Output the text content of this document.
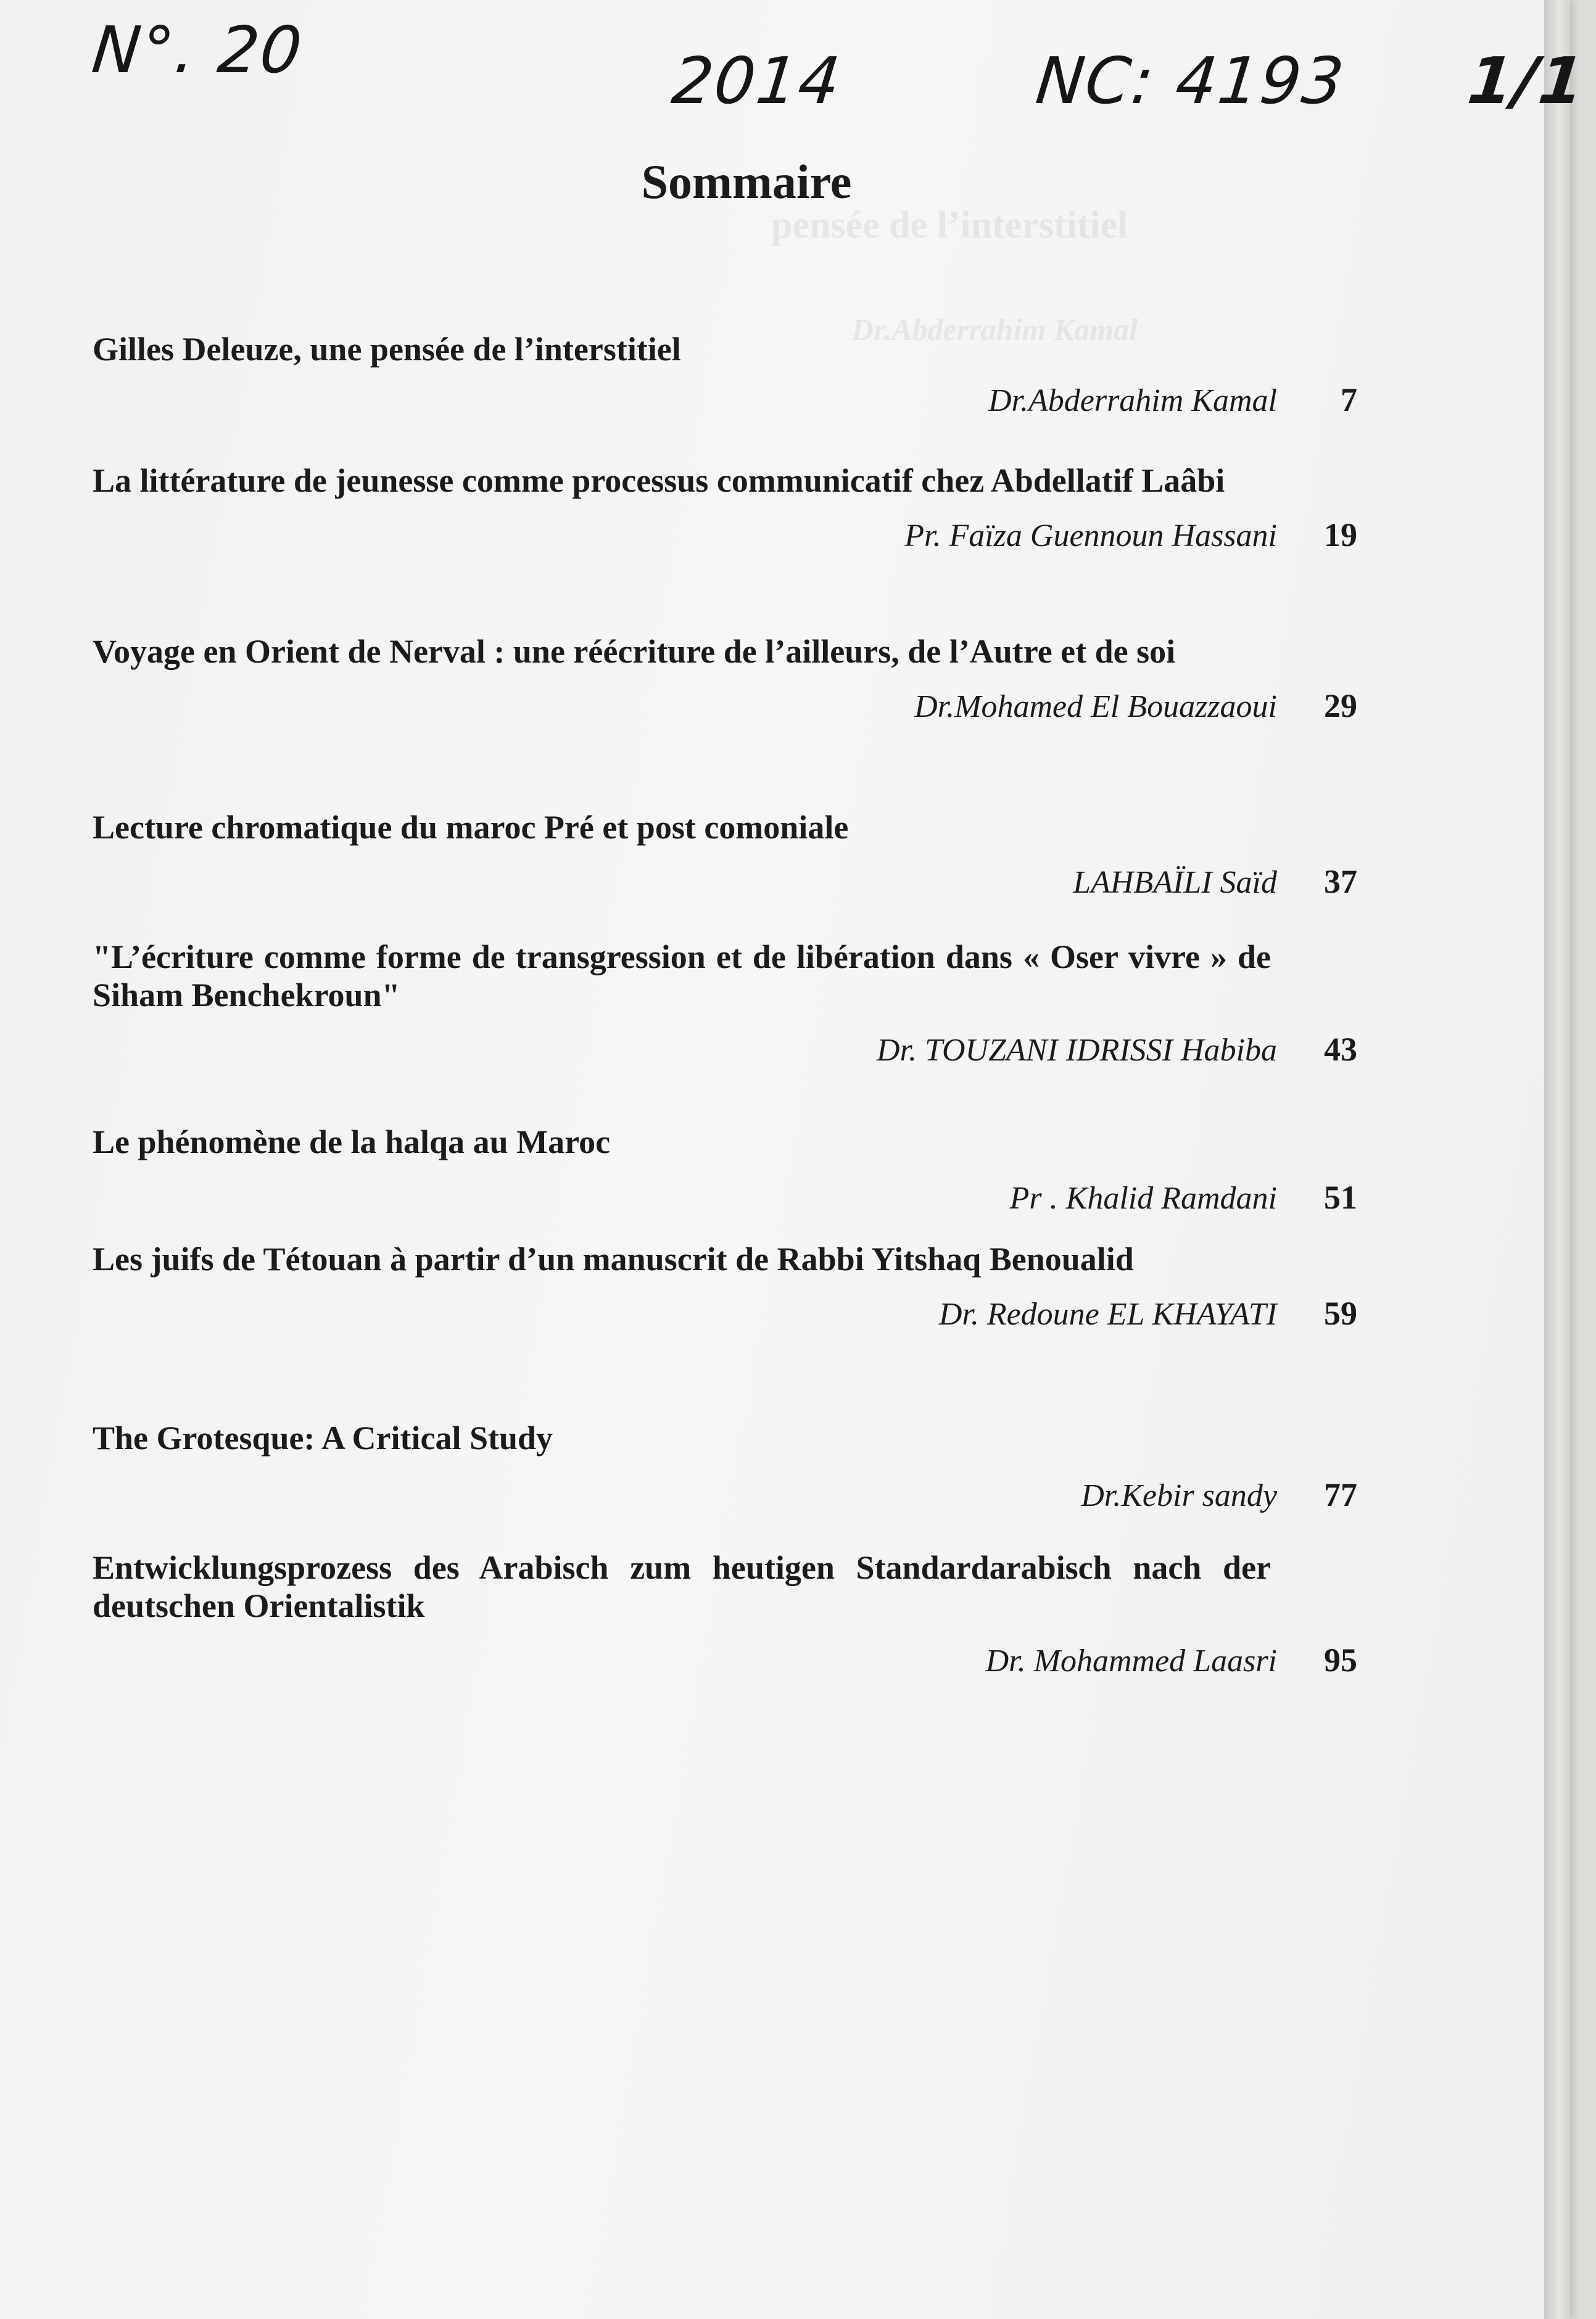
N°. 20	2014	NC: 4193 1/1
pensée de l’interstitiel
Dr.Abderrahim Kamal
Sommaire

Gilles Deleuze, une pensée de l’interstitiel

Dr.Abderrahim Kamal	7

La littérature de jeunesse comme processus communicatif chez Abdellatif Laâbi

Pr. Faïza Guennoun Hassani	19

Voyage en Orient de Nerval : une réécriture de l’ailleurs, de l’Autre et de soi

Dr.Mohamed El Bouazzaoui	29

Lecture chromatique du maroc Pré et post comoniale

LAHBAÏLI Saïd	37

"L’écriture comme forme de transgression et de libération dans « Oser vivre » de Siham Benchekroun"

Dr. TOUZANI IDRISSI Habiba	43

Le phénomène de la halqa au Maroc

Pr . Khalid Ramdani	51

Les juifs de Tétouan à partir d’un manuscrit de Rabbi Yitshaq Benoualid

Dr. Redoune EL KHAYATI	59

The Grotesque: A Critical Study

Dr.Kebir sandy	77

Entwicklungsprozess des Arabisch zum heutigen Standardarabisch nach der deutschen Orientalistik

Dr. Mohammed Laasri	95
